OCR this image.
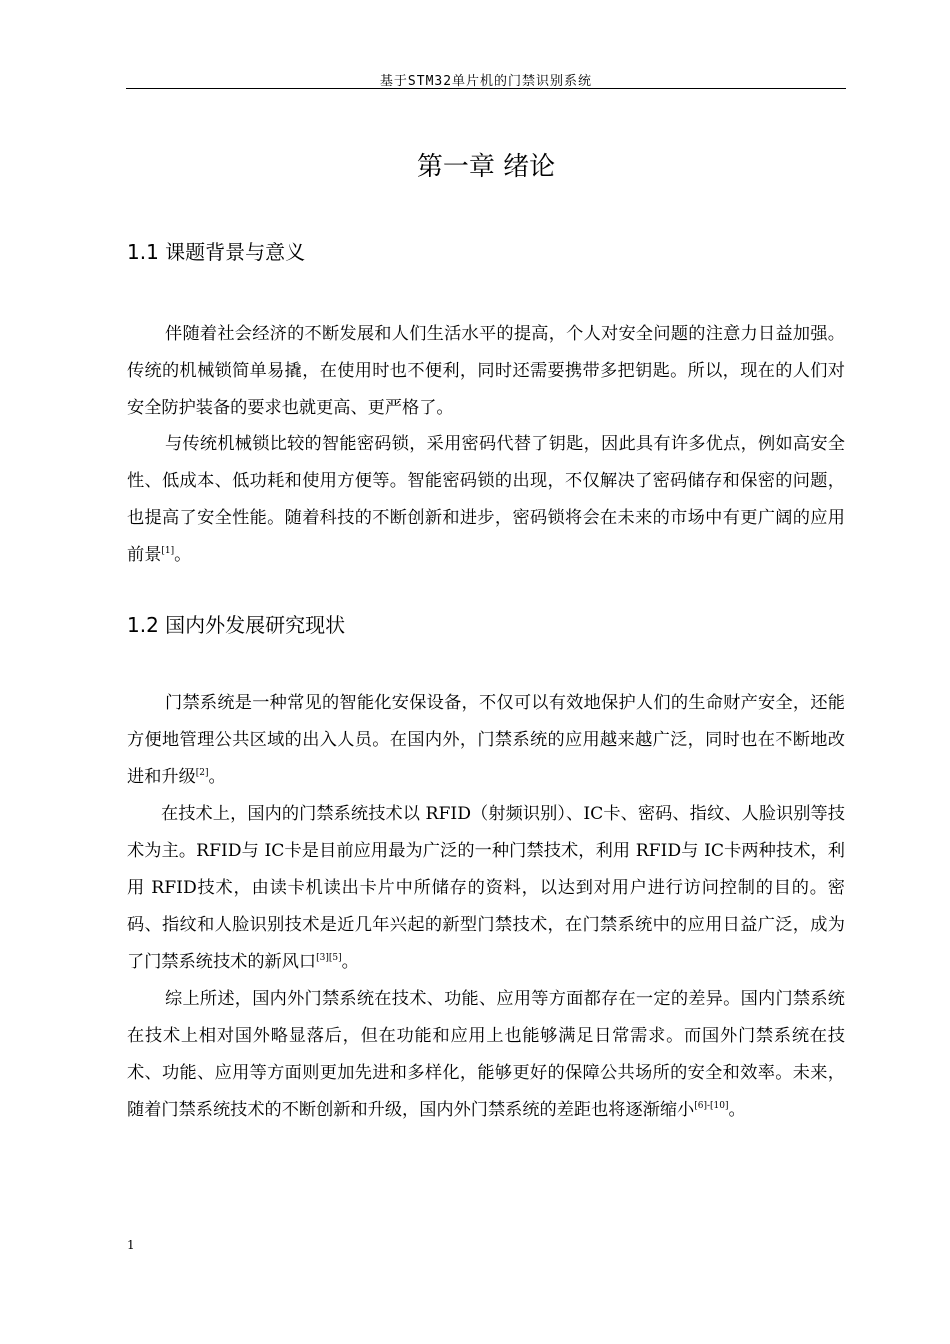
基于STM32单片机的门禁识别系统
第一章 绪论
1.1 课题背景与意义

伴随着社会经济的不断发展和人们生活水平的提高，个人对安全问题的注意力日益加强。传统的机械锁简单易撬，在使用时也不便利，同时还需要携带多把钥匙。所以，现在的人们对安全防护装备的要求也就更高、更严格了。

与传统机械锁比较的智能密码锁，采用密码代替了钥匙，因此具有许多优点，例如高安全性、低成本、低功耗和使用方便等。智能密码锁的出现，不仅解决了密码储存和保密的问题，也提高了安全性能。随着科技的不断创新和进步，密码锁将会在未来的市场中有更广阔的应用前景[1]。

1.2 国内外发展研究现状

门禁系统是一种常见的智能化安保设备，不仅可以有效地保护人们的生命财产安全，还能方便地管理公共区域的出入人员。在国内外，门禁系统的应用越来越广泛，同时也在不断地改进和升级[2]。

在技术上，国内的门禁系统技术以 RFID（射频识别）、IC卡、密码、指纹、人脸识别等技术为主。RFID与 IC卡是目前应用最为广泛的一种门禁技术，利用 RFID与 IC卡两种技术，利用 RFID技术，由读卡机读出卡片中所储存的资料，以达到对用户进行访问控制的目的。密码、指纹和人脸识别技术是近几年兴起的新型门禁技术，在门禁系统中的应用日益广泛，成为了门禁系统技术的新风口[3][5]。

综上所述，国内外门禁系统在技术、功能、应用等方面都存在一定的差异。国内门禁系统在技术上相对国外略显落后，但在功能和应用上也能够满足日常需求。而国外门禁系统在技术、功能、应用等方面则更加先进和多样化，能够更好的保障公共场所的安全和效率。未来，随着门禁系统技术的不断创新和升级，国内外门禁系统的差距也将逐渐缩小[6]-[10]。

1
